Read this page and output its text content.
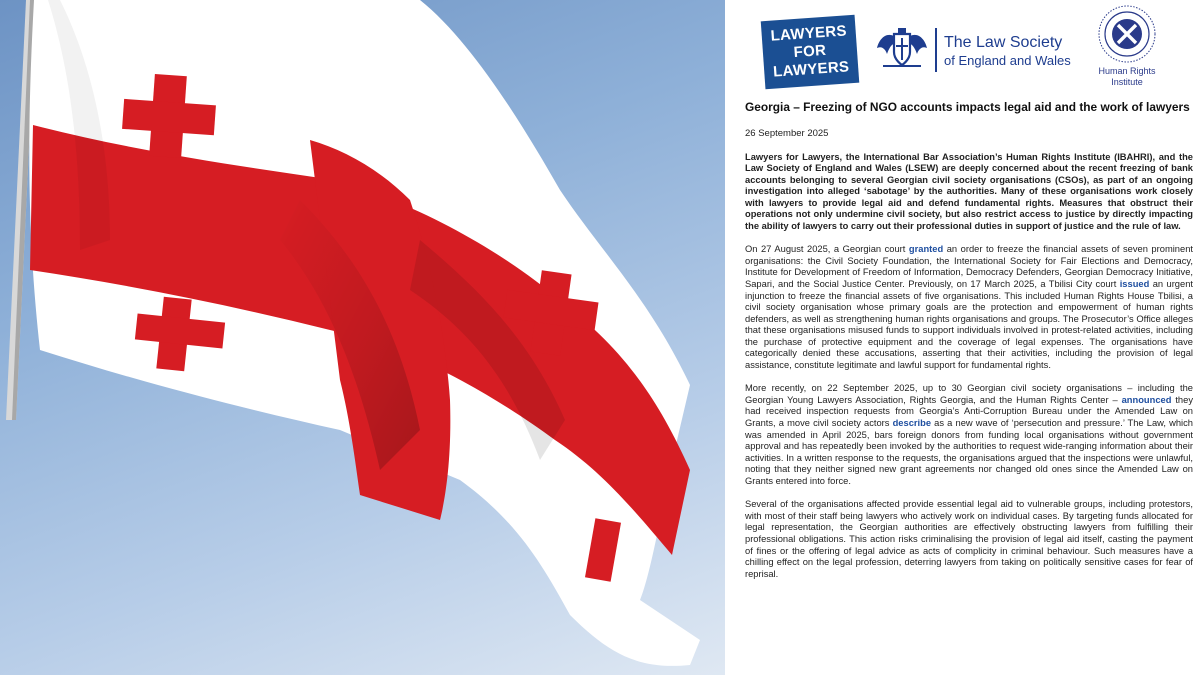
LAWYERS
FOR
LAWYERS
The Law Society
of England and Wales
Human Rights
Institute
Georgia – Freezing of NGO accounts impacts legal aid and the work of lawyers
26 September 2025

Lawyers for Lawyers, the International Bar Association’s Human Rights Institute (IBAHRI), and the Law Society of England and Wales (LSEW) are deeply concerned about the recent freezing of bank accounts belonging to several Georgian civil society organisations (CSOs), as part of an ongoing investigation into alleged ‘sabotage’ by the authorities. Many of these organisations work closely with lawyers to provide legal aid and defend fundamental rights. Measures that obstruct their operations not only undermine civil society, but also restrict access to justice by directly impacting the ability of lawyers to carry out their professional duties in support of justice and the rule of law.

On 27 August 2025, a Georgian court granted an order to freeze the financial assets of seven prominent organisations: the Civil Society Foundation, the International Society for Fair Elections and Democracy, Institute for Development of Freedom of Information, Democracy Defenders, Georgian Democracy Initiative, Sapari, and the Social Justice Center. Previously, on 17 March 2025, a Tbilisi City court issued an urgent injunction to freeze the financial assets of five organisations. This included Human Rights House Tbilisi, a civil society organisation whose primary goals are the protection and empowerment of human rights defenders, as well as strengthening human rights organisations and groups. The Prosecutor’s Office alleges that these organisations misused funds to support individuals involved in protest-related activities, including the purchase of protective equipment and the coverage of legal expenses. The organisations have categorically denied these accusations, asserting that their activities, including the provision of legal assistance, constitute legitimate and lawful support for fundamental rights.

More recently, on 22 September 2025, up to 30 Georgian civil society organisations – including the Georgian Young Lawyers Association, Rights Georgia, and the Human Rights Center – announced they had received inspection requests from Georgia’s Anti-Corruption Bureau under the Amended Law on Grants, a move civil society actors describe as a new wave of ‘persecution and pressure.’ The Law, which was amended in April 2025, bars foreign donors from funding local organisations without government approval and has repeatedly been invoked by the authorities to request wide-ranging information about their activities. In a written response to the requests, the organisations argued that the inspections were unlawful, noting that they neither signed new grant agreements nor changed old ones since the Amended Law on Grants entered into force.

Several of the organisations affected provide essential legal aid to vulnerable groups, including protestors, with most of their staff being lawyers who actively work on individual cases. By targeting funds allocated for legal representation, the Georgian authorities are effectively obstructing lawyers from fulfilling their professional obligations. This action risks criminalising the provision of legal aid itself, casting the payment of fines or the offering of legal advice as acts of complicity in criminal behaviour. Such measures have a chilling effect on the legal profession, deterring lawyers from taking on politically sensitive cases for fear of reprisal.
